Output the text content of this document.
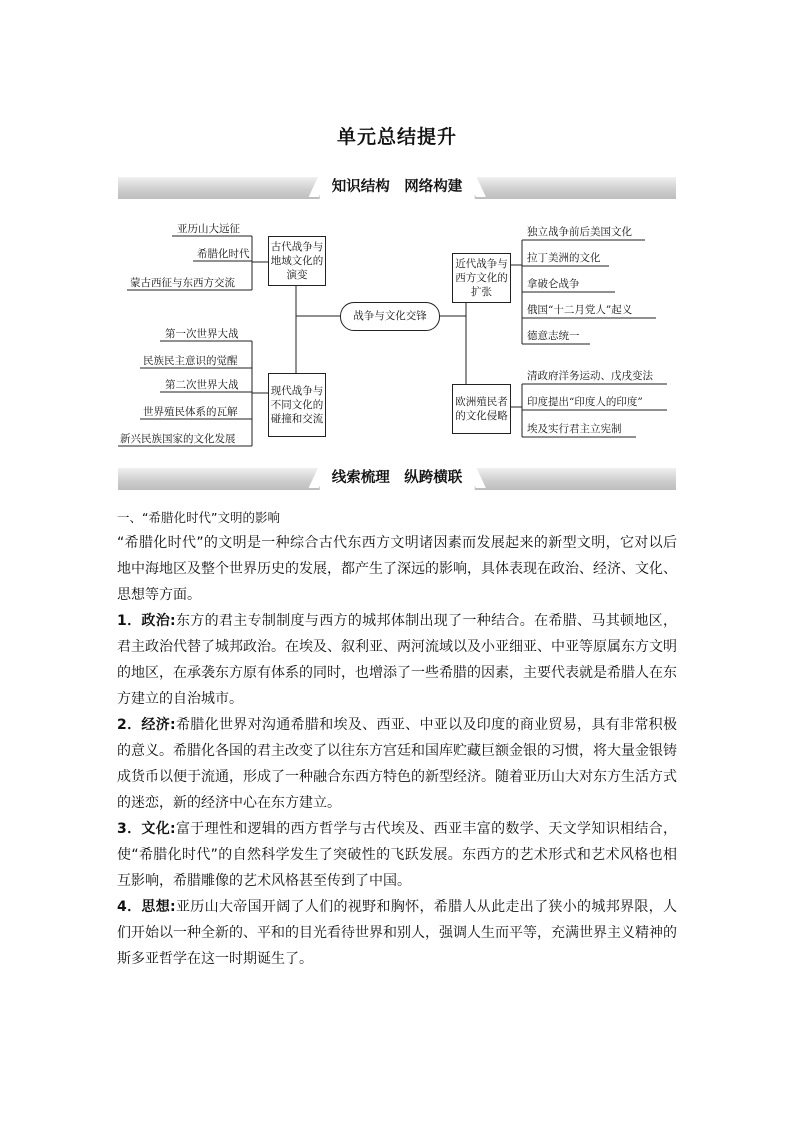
单元总结提升
知识结构　网络构建
亚历山大远征
希腊化时代
蒙古西征与东西方交流
古代战争与地域文化的演变
第一次世界大战
民族民主意识的觉醒
第二次世界大战
世界殖民体系的瓦解
新兴民族国家的文化发展
现代战争与不同文化的碰撞和交流
战争与文化交锋
近代战争与西方文化的扩张
欧洲殖民者的文化侵略
独立战争前后美国文化
拉丁美洲的文化
拿破仑战争
俄国“十二月党人”起义
德意志统一
清政府洋务运动、戊戌变法
印度提出“印度人的印度”
埃及实行君主立宪制
线索梳理　纵跨横联
一、“希腊化时代”文明的影响

“希腊化时代”的文明是一种综合古代东西方文明诸因素而发展起来的新型文明，它对以后地中海地区及整个世界历史的发展，都产生了深远的影响，具体表现在政治、经济、文化、思想等方面。

1．政治:东方的君主专制制度与西方的城邦体制出现了一种结合。在希腊、马其顿地区，君主政治代替了城邦政治。在埃及、叙利亚、两河流域以及小亚细亚、中亚等原属东方文明的地区，在承袭东方原有体系的同时，也增添了一些希腊的因素，主要代表就是希腊人在东方建立的自治城市。

2．经济:希腊化世界对沟通希腊和埃及、西亚、中亚以及印度的商业贸易，具有非常积极的意义。希腊化各国的君主改变了以往东方宫廷和国库贮藏巨额金银的习惯，将大量金银铸成货币以便于流通，形成了一种融合东西方特色的新型经济。随着亚历山大对东方生活方式的迷恋，新的经济中心在东方建立。

3．文化:富于理性和逻辑的西方哲学与古代埃及、西亚丰富的数学、天文学知识相结合，使“希腊化时代”的自然科学发生了突破性的飞跃发展。东西方的艺术形式和艺术风格也相互影响，希腊雕像的艺术风格甚至传到了中国。

4．思想:亚历山大帝国开阔了人们的视野和胸怀，希腊人从此走出了狭小的城邦界限，人们开始以一种全新的、平和的目光看待世界和别人，强调人生而平等，充满世界主义精神的斯多亚哲学在这一时期诞生了。
